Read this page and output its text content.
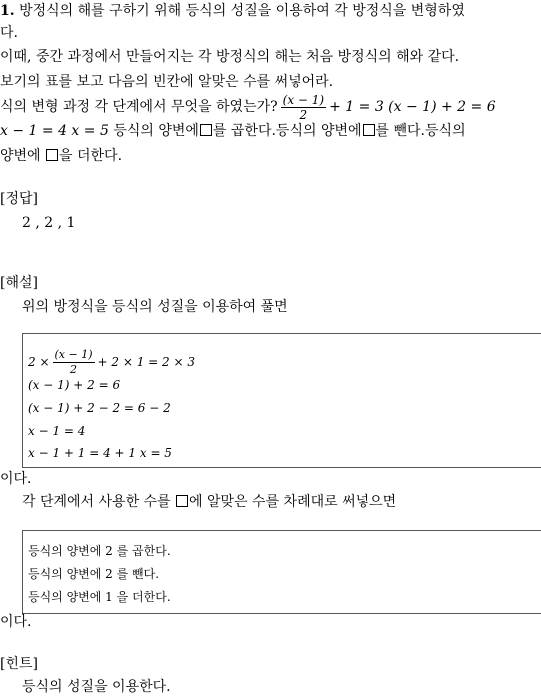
1. 방정식의 해를 구하기 위해 등식의 성질을 이용하여 각 방정식을 변형하였
다.
이때, 중간 과정에서 만들어지는 각 방정식의 해는 처음 방정식의 해와 같다.
보기의 표를 보고 다음의 빈칸에 알맞은 수를 써넣어라.
식의 변형 과정 각 단계에서 무엇을 하였는가? $\frac{(x - 1)}{2} + 1 = 3$ (x − 1) + 2 = 6
x − 1 = 4 x = 5 등식의 양변에 를 곱한다.등식의 양변에 를 뺀다.등식의
양변에 을 더한다.
[정답]
2 , 2 , 1
[해설]
위의 방정식을 등식의 성질을 이용하여 풀면
$2 \times \frac{(x - 1)}{2} + 2 \times 1 = 2 \times 3$
(x − 1) + 2 = 6
(x − 1) + 2 − 2 = 6 − 2
x − 1 = 4
x − 1 + 1 = 4 + 1 x = 5
이다.
각 단계에서 사용한 수를 에 알맞은 수를 차례대로 써넣으면
등식의 양변에 2 를 곱한다.
등식의 양변에 2 를 뺀다.
등식의 양변에 1 을 더한다.
이다.
[힌트]
등식의 성질을 이용한다.
